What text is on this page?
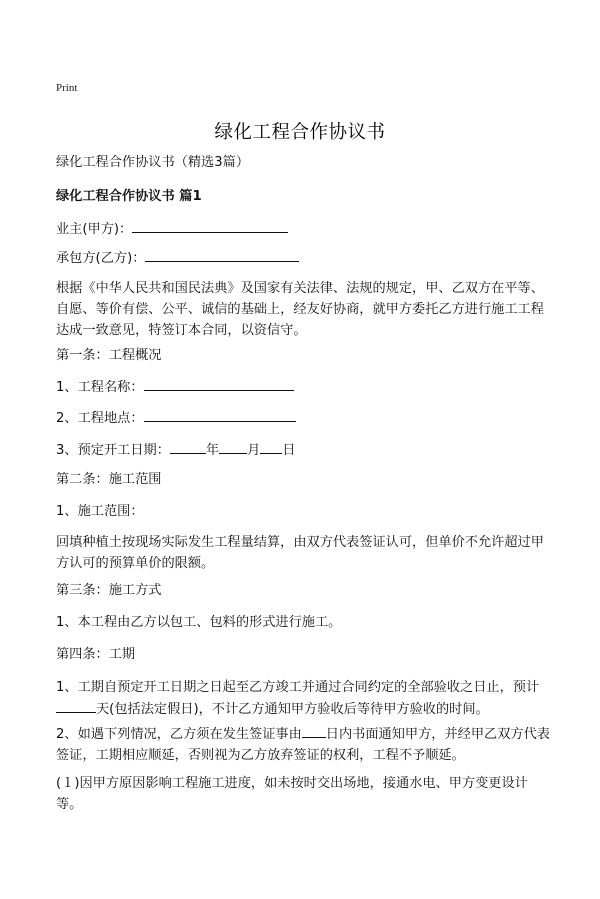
Print
绿化工程合作协议书
绿化工程合作协议书（精选3篇）
绿化工程合作协议书 篇1
业主(甲方)：
承包方(乙方)：
根据《中华人民共和国民法典》及国家有关法律、法规的规定，甲、乙双方在平等、自愿、等价有偿、公平、诚信的基础上，经友好协商，就甲方委托乙方进行施工工程达成一致意见，特签订本合同，以资信守。
第一条：工程概况
1、工程名称：
2、工程地点：
3、预定开工日期：	年 月 日
第二条：施工范围
1、施工范围：
回填种植土按现场实际发生工程量结算，由双方代表签证认可，但单价不允许超过甲方认可的预算单价的限额。
第三条：施工方式
1、本工程由乙方以包工、包料的形式进行施工。
第四条：工期
1、工期自预定开工日期之日起至乙方竣工并通过合同约定的全部验收之日止，预计天(包括法定假日)，不计乙方通知甲方验收后等待甲方验收的时间。
2、如遇下列情况，乙方须在发生签证事由 日内书面通知甲方，并经甲乙双方代表签证，工期相应顺延，否则视为乙方放弃签证的权利，工程不予顺延。
(１)因甲方原因影响工程施工进度，如未按时交出场地，接通水电、甲方变更设计等。
